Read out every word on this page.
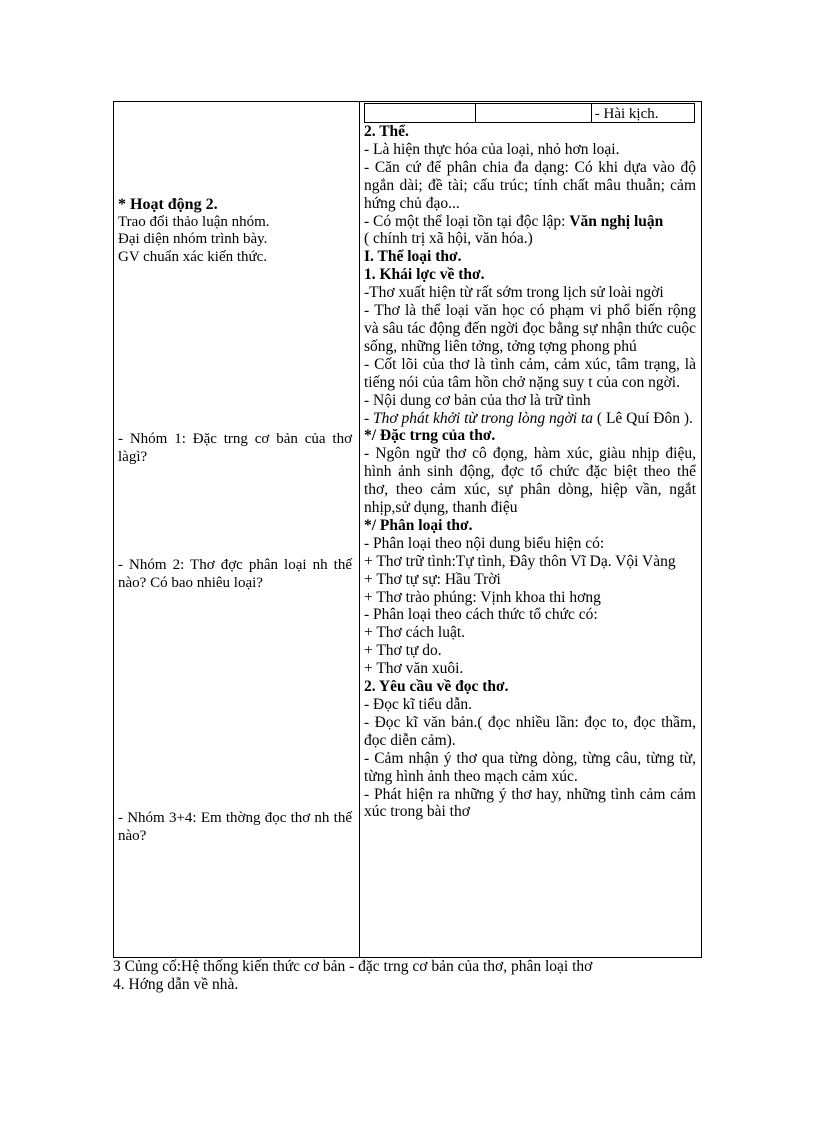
- Hài kịch.

* Hoạt động 2.

Trao đổi thảo luận nhóm.

Đại diện nhóm trình bày.

GV chuẩn xác kiến thức.

- Nhóm 1: Đặc trng cơ bản của thơ làgì?

- Nhóm 2: Thơ đợc phân loại nh thế nào? Có bao nhiêu loại?

- Nhóm 3+4: Em thờng đọc thơ nh thế nào?

2. Thể.

- Là hiện thực hóa của loại, nhỏ hơn loại.

- Căn cứ để phân chia đa dạng: Có khi dựa vào độ ngắn dài; đề tài; cấu trúc; tính chất mâu thuẫn; cảm hứng chủ đạo...

- Có một thể loại tồn tại độc lập: Văn nghị luận

( chính trị xã hội, văn hóa.)

I. Thể loại thơ.

1. Khái lợc về thơ.

-Thơ xuất hiện từ rất sớm trong lịch sử loài ngời

- Thơ là thể loại văn học có phạm vi phổ biến rộng và sâu tác động đến ngời đọc bằng sự nhận thức cuộc sống, những liên tởng, tởng tợng phong phú

- Cốt lõi của thơ là tình cảm, cảm xúc, tâm trạng, là tiếng nói của tâm hồn chở nặng suy t của con ngời.

- Nội dung cơ bản của thơ là trữ tình

- Thơ phát khởi từ trong lòng ngời ta ( Lê Quí Đôn ).

*/ Đặc trng của thơ.

- Ngôn ngữ thơ cô đọng, hàm xúc, giàu nhịp điệu, hình ảnh sinh động, đợc tổ chức đặc biệt theo thể thơ, theo cảm xúc, sự phân dòng, hiệp vần, ngắt nhịp,sử dụng, thanh điệu

*/ Phân loại thơ.

- Phân loại theo nội dung biểu hiện có:

+ Thơ trữ tình:Tự tình, Đây thôn Vĩ Dạ. Vội Vàng

+ Thơ tự sự: Hầu Trời

+ Thơ trào phúng: Vịnh khoa thi hơng

- Phân loại theo cách thức tổ chức có:

+ Thơ cách luật.

+ Thơ tự do.

+ Thơ văn xuôi.

2. Yêu cầu về đọc thơ.

- Đọc kĩ tiểu dẫn.

- Đọc kĩ văn bản.( đọc nhiều lần: đọc to, đọc thầm, đọc diễn cảm).

- Cảm nhận ý thơ qua từng dòng, từng câu, từng từ, từng hình ảnh theo mạch cảm xúc.

- Phát hiện ra những ý thơ hay, những tình cảm cảm xúc trong bài thơ

3 Củng cố:Hệ thống kiến thức cơ bản - đặc trng cơ bản của thơ, phân loại thơ

4. Hớng dẫn về nhà.
